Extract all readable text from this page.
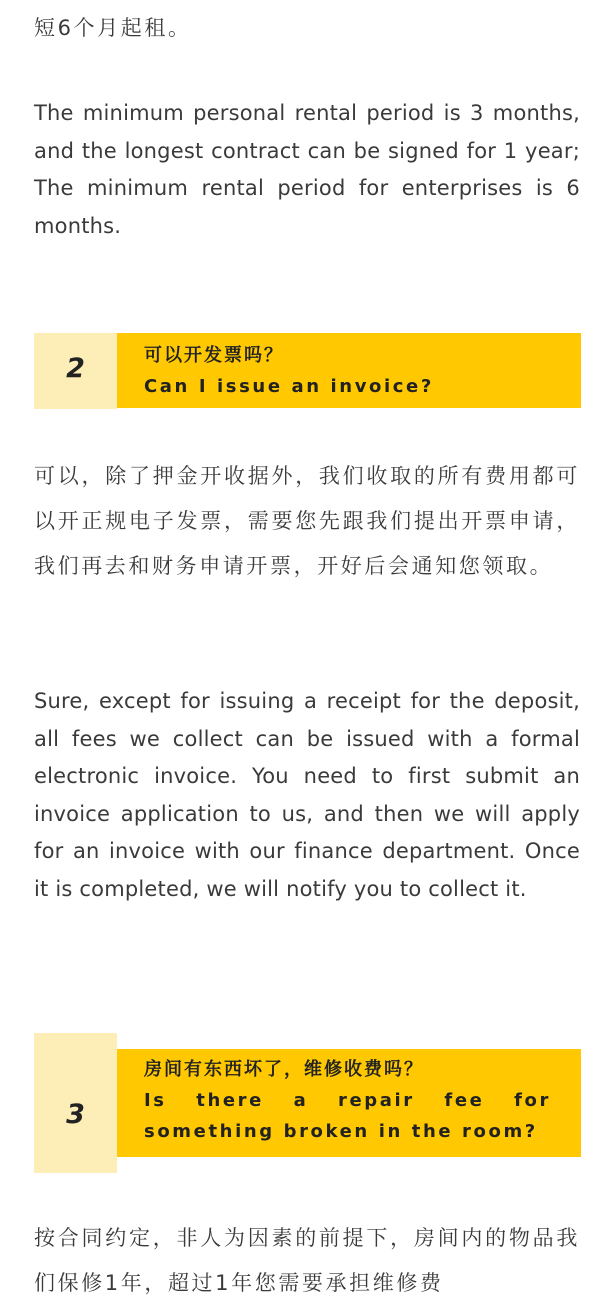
短6个月起租。

The minimum personal rental period is 3 months, and the longest contract can be signed for 1 year; The minimum rental period for enterprises is 6 months.

2	可以开发票吗？
Can I issue an invoice?

可以，除了押金开收据外，我们收取的所有费用都可以开正规电子发票，需要您先跟我们提出开票申请，我们再去和财务申请开票，开好后会通知您领取。

Sure, except for issuing a receipt for the deposit, all fees we collect can be issued with a formal electronic invoice. You need to first submit an invoice application to us, and then we will apply for an invoice with our finance department. Once it is completed, we will notify you to collect it.

3
房间有东西坏了，维修收费吗？
Is there a repair fee for something broken in the room?

按合同约定，非人为因素的前提下，房间内的物品我们保修1年，超过1年您需要承担维修费
